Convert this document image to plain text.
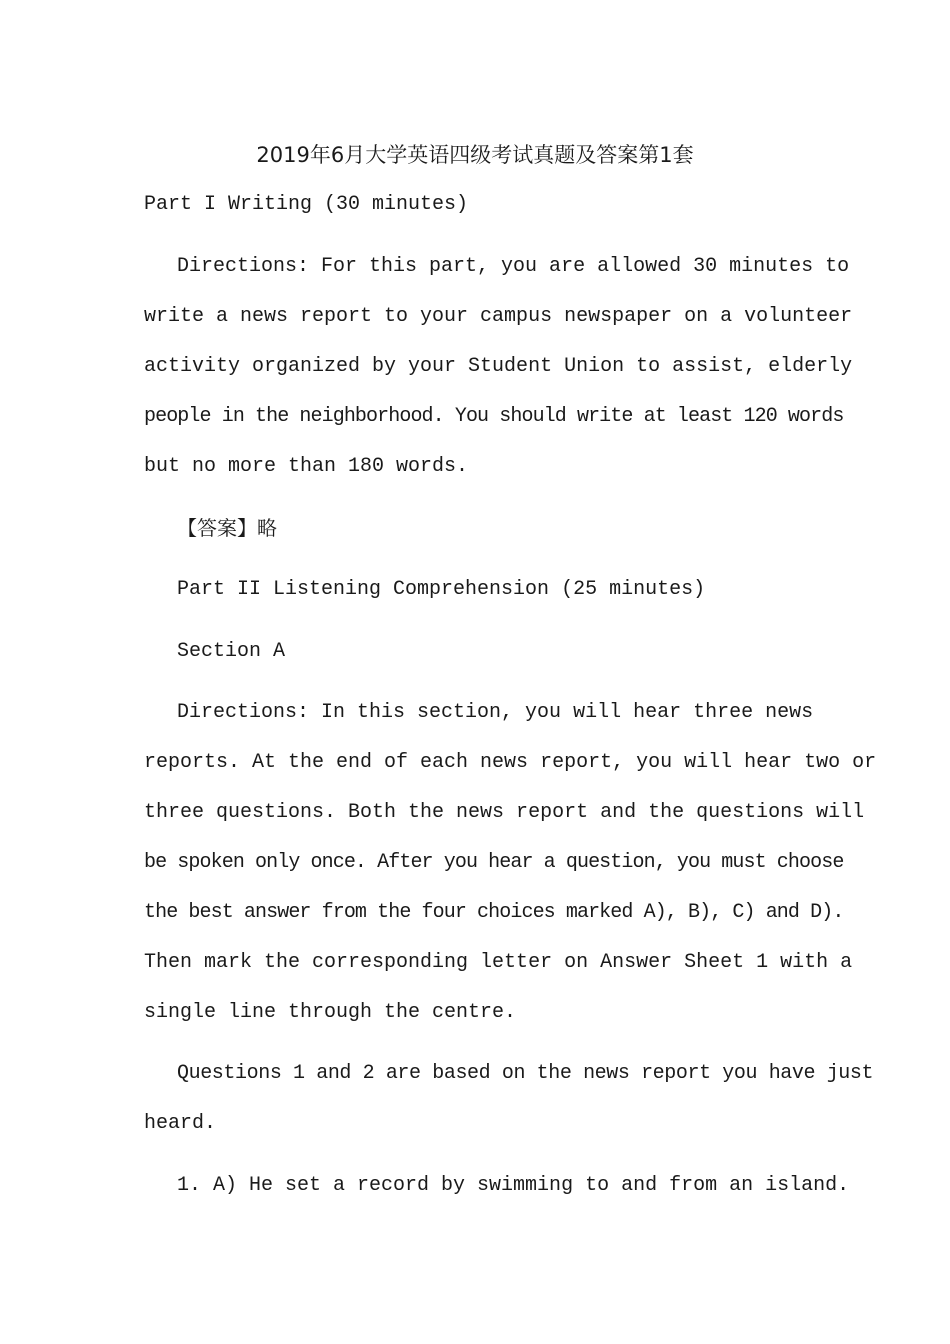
2019年6月大学英语四级考试真题及答案第1套
Part I Writing (30 minutes)
Directions: For this part, you are allowed 30 minutes to
write a news report to your campus newspaper on a volunteer
activity organized by your Student Union to assist, elderly
people in the neighborhood. You should write at least 120 words
but no more than 180 words.
【答案】略
Part II Listening Comprehension (25 minutes)
Section A
Directions: In this section, you will hear three news
reports. At the end of each news report, you will hear two or
three questions. Both the news report and the questions will
be spoken only once. After you hear a question, you must choose
the best answer from the four choices marked A), B), C) and D).
Then mark the corresponding letter on Answer Sheet 1 with a
single line through the centre.
Questions 1 and 2 are based on the news report you have just
heard.
1. A) He set a record by swimming to and from an island.
